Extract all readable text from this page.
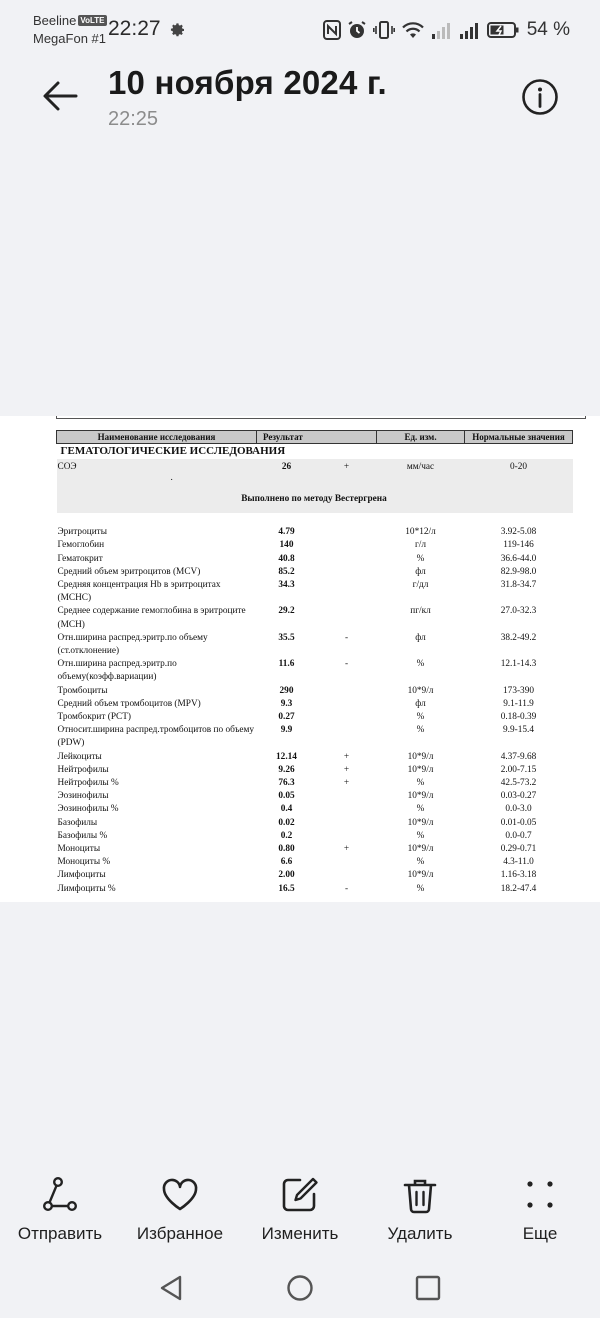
Beeline VoLTE
MegaFon #1 22:27	54 %
10 ноября 2024 г.
22:25
Наименование исследования	Результат		Ед. изм.	Нормальные значения
ГЕМАТОЛОГИЧЕСКИЕ ИССЛЕДОВАНИЯ				
СОЭ	26	+	мм/час	0-20
.				
Выполнено по методу Вестергрена				

Эритроциты	4.79		10*12/л	3.92-5.08
Гемоглобин	140		г/л	119-146
Гематокрит	40.8		%	36.6-44.0
Средний объем эритроцитов (MCV)	85.2		фл	82.9-98.0
Средняя концентрация Hb в эритроцитах (MCHC)	34.3		г/дл	31.8-34.7
Среднее содержание гемоглобина в эритроците (MCH)	29.2		пг/кл	27.0-32.3
Отн.ширина распред.эритр.по объему (ст.отклонение)	35.5	-	фл	38.2-49.2
Отн.ширина распред.эритр.по объему(коэфф.вариации)	11.6	-	%	12.1-14.3
Тромбоциты	290		10*9/л	173-390
Средний объем тромбоцитов (MPV)	9.3		фл	9.1-11.9
Тромбокрит (PCT)	0.27		%	0.18-0.39
Относит.ширина распред.тромбоцитов по объему (PDW)	9.9		%	9.9-15.4
Лейкоциты	12.14	+	10*9/л	4.37-9.68
Нейтрофилы	9.26	+	10*9/л	2.00-7.15
Нейтрофилы %	76.3	+	%	42.5-73.2
Эозинофилы	0.05		10*9/л	0.03-0.27
Эозинофилы %	0.4		%	0.0-3.0
Базофилы	0.02		10*9/л	0.01-0.05
Базофилы %	0.2		%	0.0-0.7
Моноциты	0.80	+	10*9/л	0.29-0.71
Моноциты %	6.6		%	4.3-11.0
Лимфоциты	2.00		10*9/л	1.16-3.18
Лимфоциты %	16.5	-	%	18.2-47.4
Отправить	Избранное	Изменить	Удалить	Еще
